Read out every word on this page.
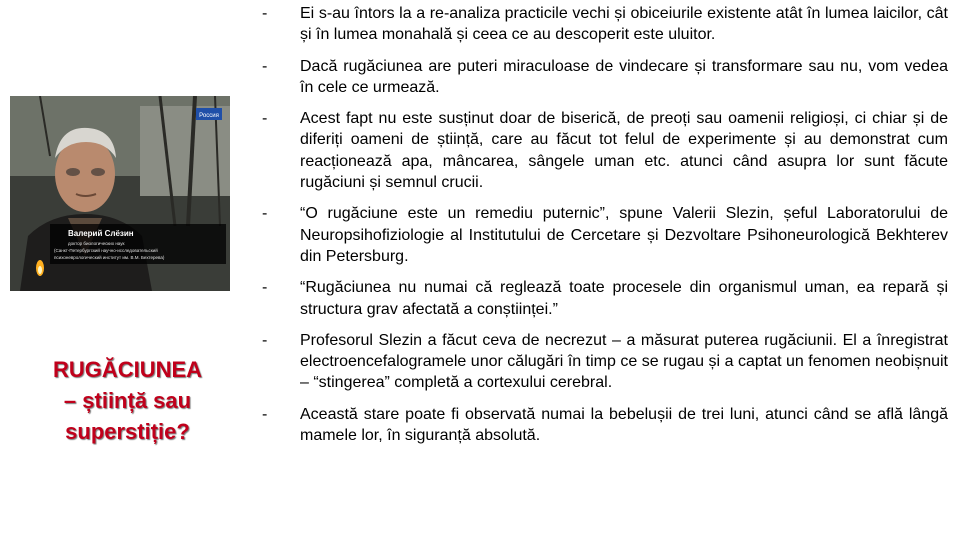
Россия
Валерий Слёзин
доктор биологических наук
(Санкт-Петербургский научно-исследовательский
психоневрологический институт им. В.М. Бехтерева)
RUGĂCIUNEA
– știință sau
superstiție?
- Ei s-au întors la a re-analiza practicile vechi și obiceiurile existente atât în lumea laicilor, cât și în lumea monahală și ceea ce au descoperit este uluitor.
- Dacă rugăciunea are puteri miraculoase de vindecare și transformare sau nu, vom vedea în cele ce urmează.
- Acest fapt nu este susținut doar de biserică, de preoți sau oamenii religioși, ci chiar și de diferiți oameni de știință, care au făcut tot felul de experimente și au demonstrat cum reacționează apa, mâncarea, sângele uman etc. atunci când asupra lor sunt făcute rugăciuni și semnul crucii.
- “O rugăciune este un remediu puternic”, spune Valerii Slezin, șeful Laboratorului de Neuropsihofiziologie al Institutului de Cercetare și Dezvoltare Psihoneurologică Bekhterev din Petersburg.
- “Rugăciunea nu numai că reglează toate procesele din organismul uman, ea repară și structura grav afectată a conștiinței.”
- Profesorul Slezin a făcut ceva de necrezut – a măsurat puterea rugăciunii. El a înregistrat electroencefalogramele unor călugări în timp ce se rugau și a captat un fenomen neobișnuit – “stingerea” completă a cortexului cerebral.
- Această stare poate fi observată numai la bebelușii de trei luni, atunci când se află lângă mamele lor, în siguranță absolută.
